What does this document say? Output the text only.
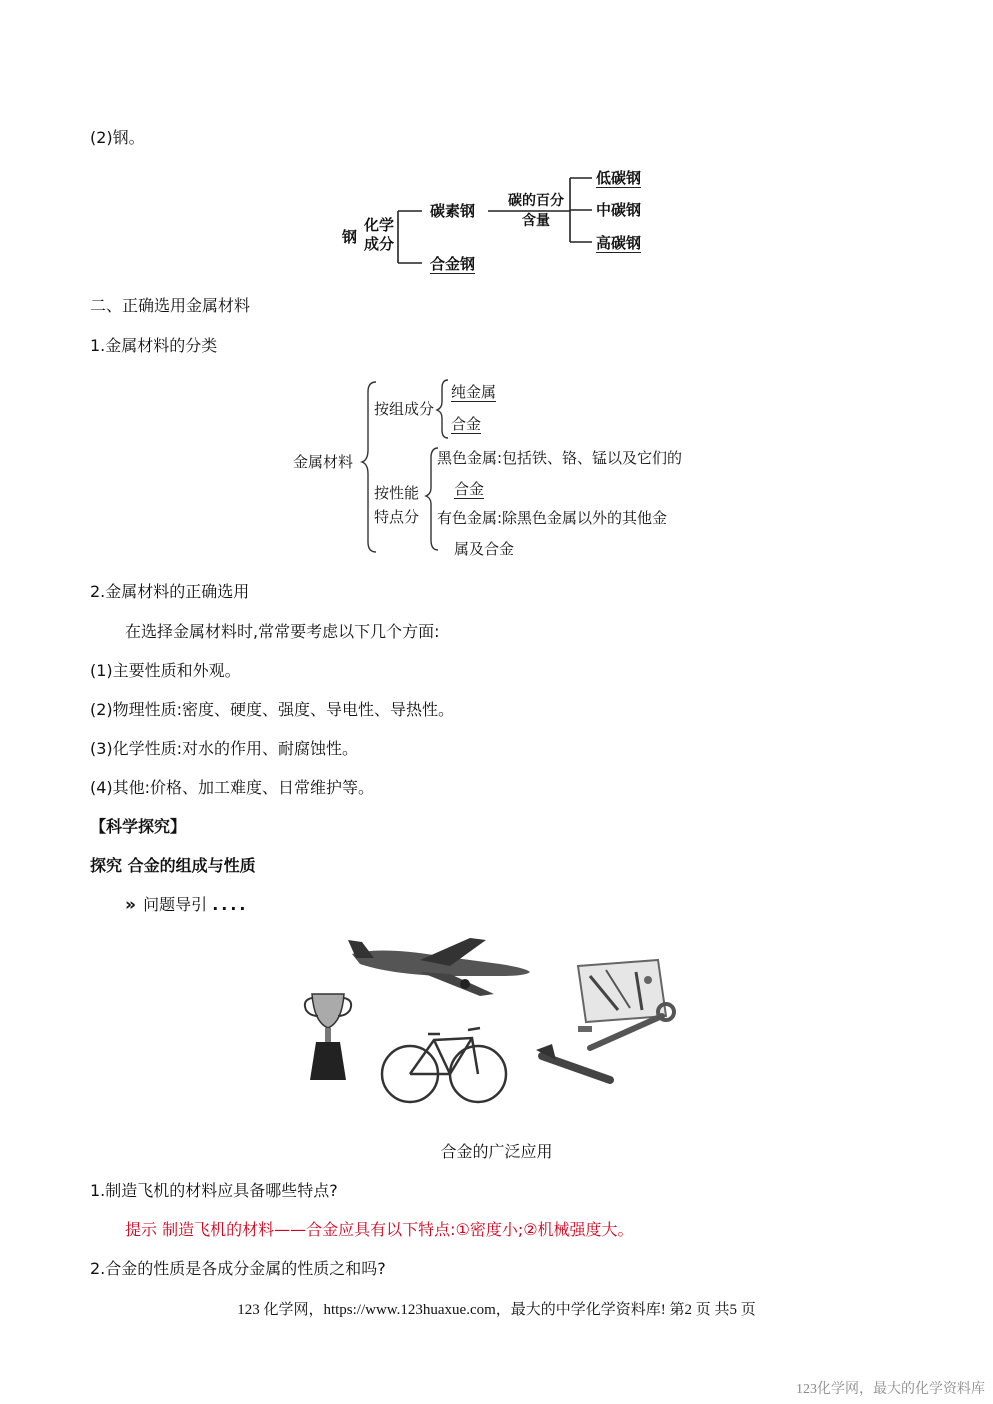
(2)钢。
钢
化学成分
碳素钢
碳的百分含量
低碳钢
中碳钢
高碳钢
合金钢
二、正确选用金属材料
1.金属材料的分类
金属材料
按组成分
纯金属
合金
按性能特点分
黑色金属:包括铁、铬、锰以及它们的
合金
有色金属:除黑色金属以外的其他金
属及合金
2.金属材料的正确选用
在选择金属材料时,常常要考虑以下几个方面:
(1)主要性质和外观。
(2)物理性质:密度、硬度、强度、导电性、导热性。
(3)化学性质:对水的作用、耐腐蚀性。
(4)其他:价格、加工难度、日常维护等。
【科学探究】
探究 合金的组成与性质
» 问题导引 ....
合金的广泛应用
1.制造飞机的材料应具备哪些特点?
提示 制造飞机的材料——合金应具有以下特点:①密度小;②机械强度大。
2.合金的性质是各成分金属的性质之和吗?
123 化学网，https://www.123huaxue.com，最大的中学化学资料库! 第2 页 共5 页
123化学网，最大的化学资料库
